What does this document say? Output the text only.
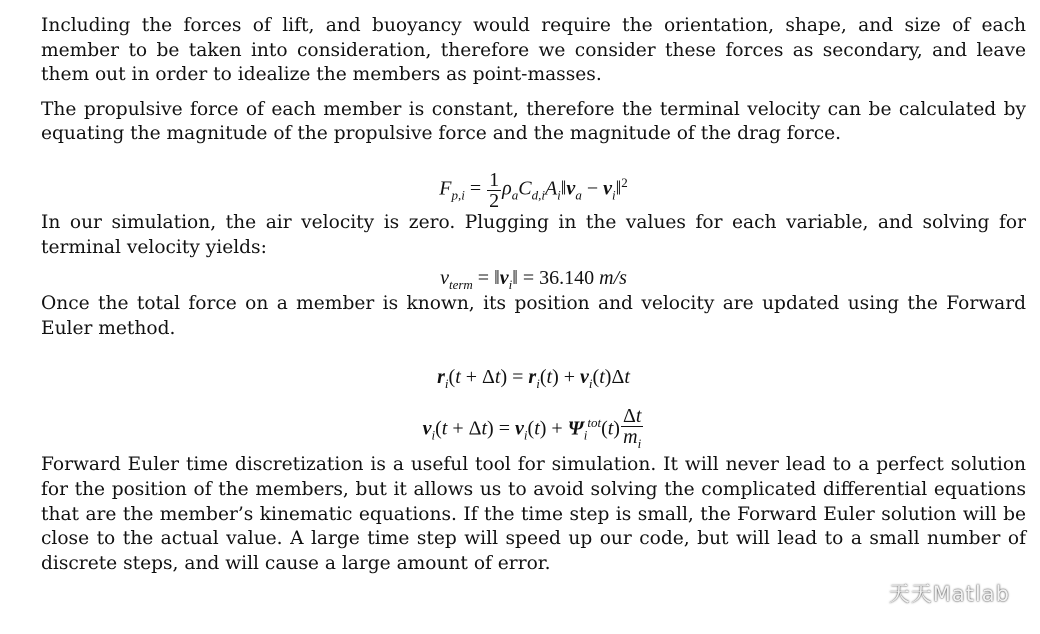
Including the forces of lift, and buoyancy would require the orientation, shape, and size of each member to be taken into consideration, therefore we consider these forces as secondary, and leave them out in order to idealize the members as point-masses.

The propulsive force of each member is constant, therefore the terminal velocity can be calculated by equating the magnitude of the propulsive force and the magnitude of the drag force.

$F_{p,i} = \frac{1}{2}$ $\rho_aC_{d,i}A_i‖v_a$ − $v_i‖^2$

In our simulation, the air velocity is zero. Plugging in the values for each variable, and solving for terminal velocity yields:

$v_{term}$ = $‖v_i‖ = 36.140$ m/s

Once the total force on a member is known, its position and velocity are updated using the Forward Euler method.

$r_i(t + \Delta t) = r_i(t) + v_i(t)\Delta t$
$v_i(t + \Delta t) = v_i(t) + \Psi_i^{tot}(t) \frac{\Delta t}{m_i}$

Forward Euler time discretization is a useful tool for simulation. It will never lead to a perfect solution for the position of the members, but it allows us to avoid solving the complicated differential equations that are the member’s kinematic equations. If the time step is small, the Forward Euler solution will be close to the actual value. A large time step will speed up our code, but will lead to a small number of discrete steps, and will cause a large amount of error.

天天Matlab
